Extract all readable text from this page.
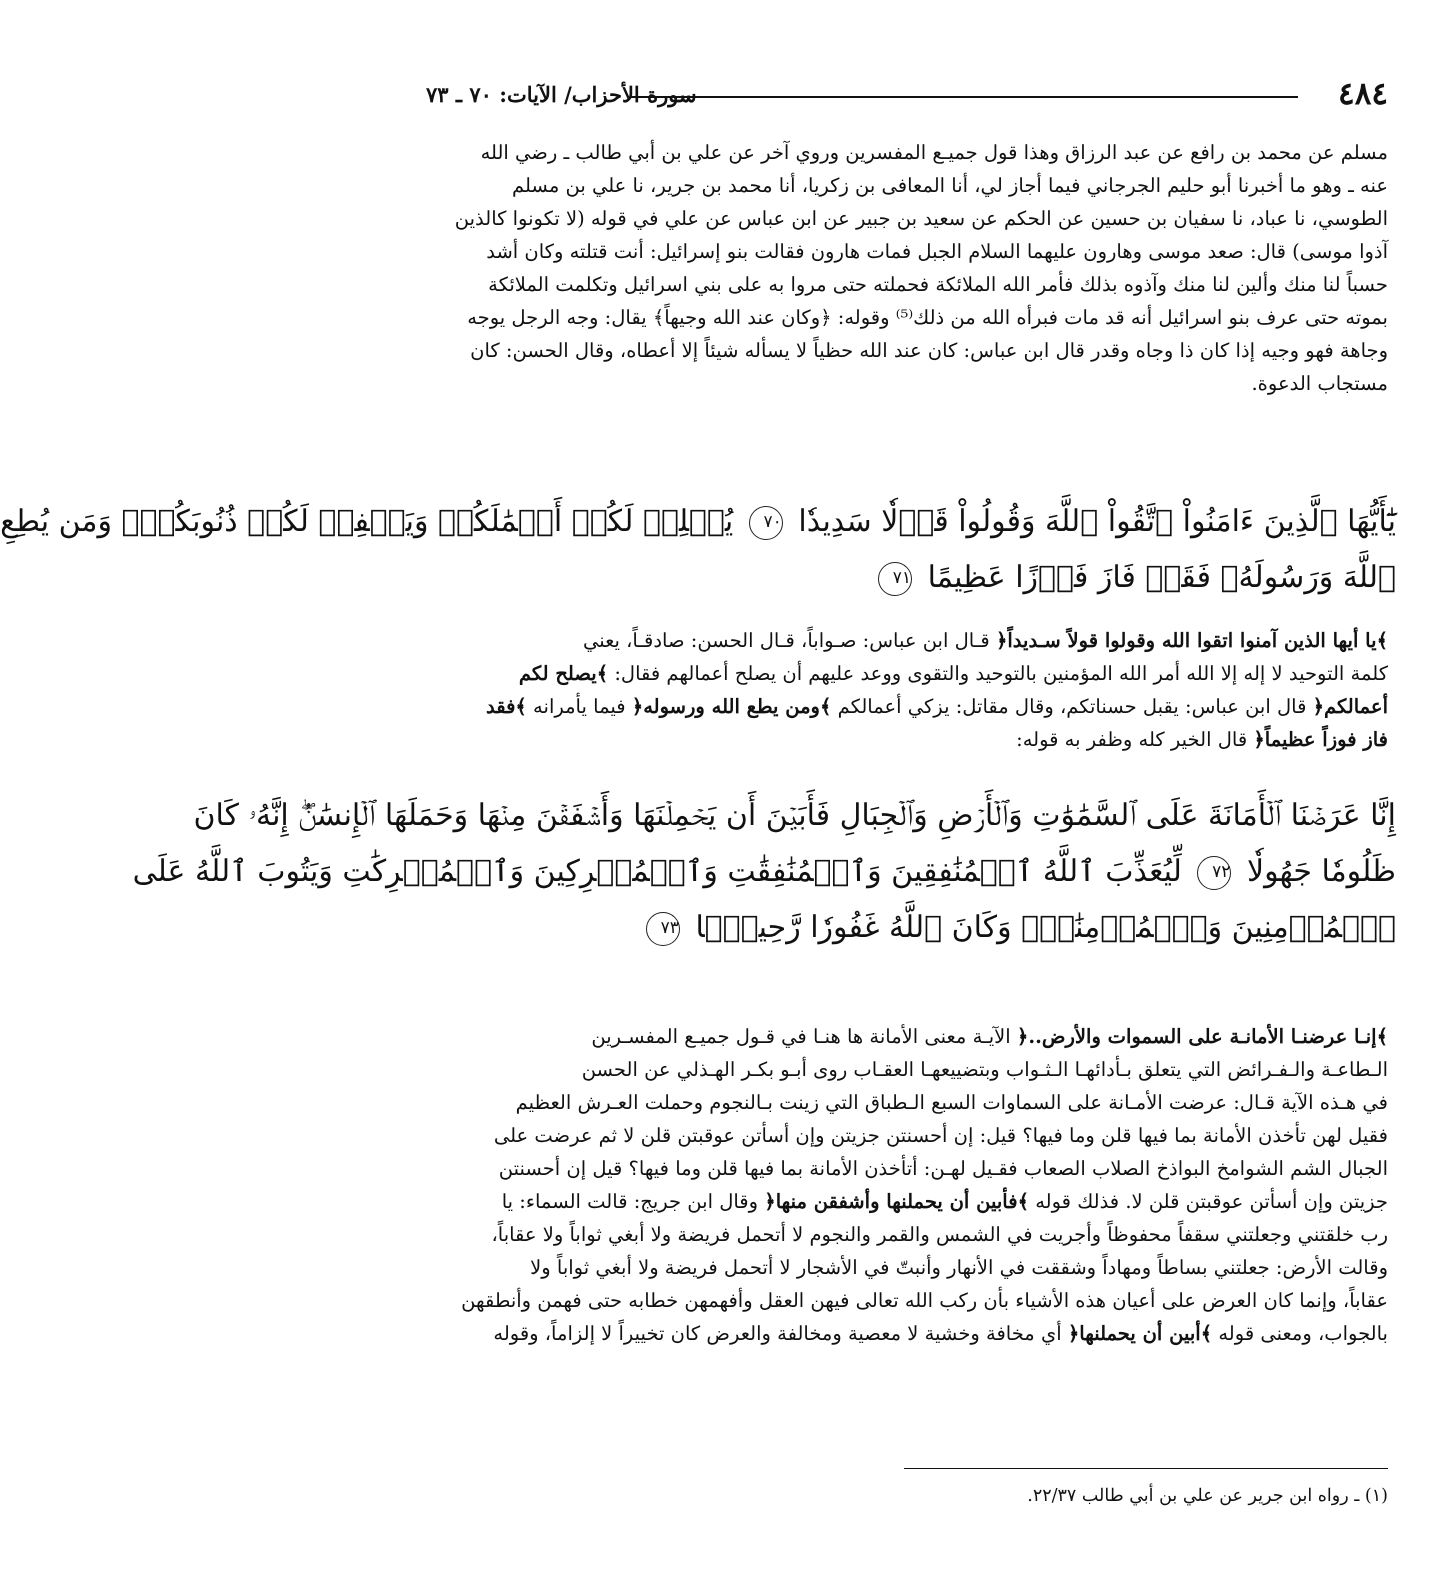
٤٨٤
سورة الأحزاب/ الآيات: ٧٠ ـ ٧٣
مسلم عن محمد بن رافع عن عبد الرزاق وهذا قول جميـع المفسرين وروي آخر عن علي بن أبي طالب ـ رضي الله
عنه ـ وهو ما أخبرنا أبو حليم الجرجاني فيما أجاز لي، أنا المعافى بن زكريا، أنا محمد بن جرير، نا علي بن مسلم
الطوسي، نا عباد، نا سفيان بن حسين عن الحكم عن سعيد بن جبير عن ابن عباس عن علي في قوله (لا تكونوا كالذين
آذوا موسى) قال: صعد موسى وهارون عليهما السلام الجبل فمات هارون فقالت بنو إسرائيل: أنت قتلته وكان أشد
حسباً لنا منك وألين لنا منك وآذوه بذلك فأمر الله الملائكة فحملته حتى مروا به على بني اسرائيل وتكلمت الملائكة
بموته حتى عرف بنو اسرائيل أنه قد مات فبرأه الله من ذلك⁽⁵⁾ وقوله: ﴿وكان عند الله وجيهاً﴾ يقال: وجه الرجل يوجه
وجاهة فهو وجيه إذا كان ذا وجاه وقدر قال ابن عباس: كان عند الله حظياً لا يسأله شيئاً إلا أعطاه، وقال الحسن: كان
مستجاب الدعوة.
يَٰٓأَيُّهَا ٱلَّذِينَ ءَامَنُواْ ٱتَّقُواْ ٱللَّهَ وَقُولُواْ قَوۡلٗا سَدِيدٗا ٧٠ يُصۡلِحۡ لَكُمۡ أَعۡمَٰلَكُمۡ وَيَغۡفِرۡ لَكُمۡ ذُنُوبَكُمۡۗ وَمَن يُطِعِ
ٱللَّهَ وَرَسُولَهُۥ فَقَدۡ فَازَ فَوۡزًا عَظِيمًا ٧١
﴾ يا أيها الذين آمنوا اتقوا الله وقولوا قولاً سـديداً ﴿ قـال ابن عباس: صـواباً، قـال الحسن: صادقـاً، يعني
كلمة التوحيد لا إله إلا الله أمر الله المؤمنين بالتوحيد والتقوى ووعد عليهم أن يصلح أعمالهم فقال: ﴾ يصلح لكم
أعمالكم ﴿ قال ابن عباس: يقبل حسناتكم، وقال مقاتل: يزكي أعمالكم ﴾ ومن يطع الله ورسوله ﴿ فيما يأمرانه ﴾ فقد
فاز فوزاً عظيماً ﴿ قال الخير كله وظفر به قوله:
إِنَّا عَرَضۡنَا ٱلۡأَمَانَةَ عَلَى ٱلسَّمَٰوَٰتِ وَٱلۡأَرۡضِ وَٱلۡجِبَالِ فَأَبَيۡنَ أَن يَحۡمِلۡنَهَا وَأَشۡفَقۡنَ مِنۡهَا وَحَمَلَهَا ٱلۡإِنسَٰنُۖ إِنَّهُۥ كَانَ
ظَلُومٗا جَهُولٗا ٧٢ لِّيُعَذِّبَ ٱللَّهُ ٱلۡمُنَٰفِقِينَ وَٱلۡمُنَٰفِقَٰتِ وَٱلۡمُشۡرِكِينَ وَٱلۡمُشۡرِكَٰتِ وَيَتُوبَ ٱللَّهُ عَلَى
ٱلۡمُؤۡمِنِينَ وَٱلۡمُؤۡمِنَٰتِۗ وَكَانَ ٱللَّهُ غَفُورٗا رَّحِيمَۢا ٧٣
﴾ إنـا عرضنـا الأمانـة على السموات والأرض.. ﴿ الآيـة معنى الأمانة ها هنـا في قـول جميـع المفسـرين
الـطاعـة والـفـرائض التي يتعلق بـأدائهـا الـثـواب وبتضييعهـا العقـاب روى أبـو بكـر الهـذلي عن الحسن
في هـذه الآية قـال: عرضت الأمـانة على السماوات السبع الـطباق التي زينت بـالنجوم وحملت العـرش العظيم
فقيل لهن تأخذن الأمانة بما فيها قلن وما فيها؟ قيل: إن أحسنتن جزيتن وإن أسأتن عوقبتن قلن لا ثم عرضت على
الجبال الشم الشوامخ البواذخ الصلاب الصعاب فقـيل لهـن: أتأخذن الأمانة بما فيها قلن وما فيها؟ قيل إن أحسنتن
جزيتن وإن أسأتن عوقبتن قلن لا. فذلك قوله ﴾ فأبين أن يحملنها وأشفقن منها ﴿ وقال ابن جريج: قالت السماء: يا
رب خلقتني وجعلتني سقفاً محفوظاً وأجريت في الشمس والقمر والنجوم لا أتحمل فريضة ولا أبغي ثواباً ولا عقاباً،
وقالت الأرض: جعلتني بساطاً ومهاداً وشققت في الأنهار وأنبتّ في الأشجار لا أتحمل فريضة ولا أبغي ثواباً ولا
عقاباً، وإنما كان العرض على أعيان هذه الأشياء بأن ركب الله تعالى فيهن العقل وأفهمهن خطابه حتى فهمن وأنطقهن
بالجواب، ومعنى قوله ﴾ أبين أن يحملنها ﴿ أي مخافة وخشية لا معصية ومخالفة والعرض كان تخييراً لا إلزاماً، وقوله
(١) ـ رواه ابن جرير عن علي بن أبي طالب ٢٢/٣٧.
